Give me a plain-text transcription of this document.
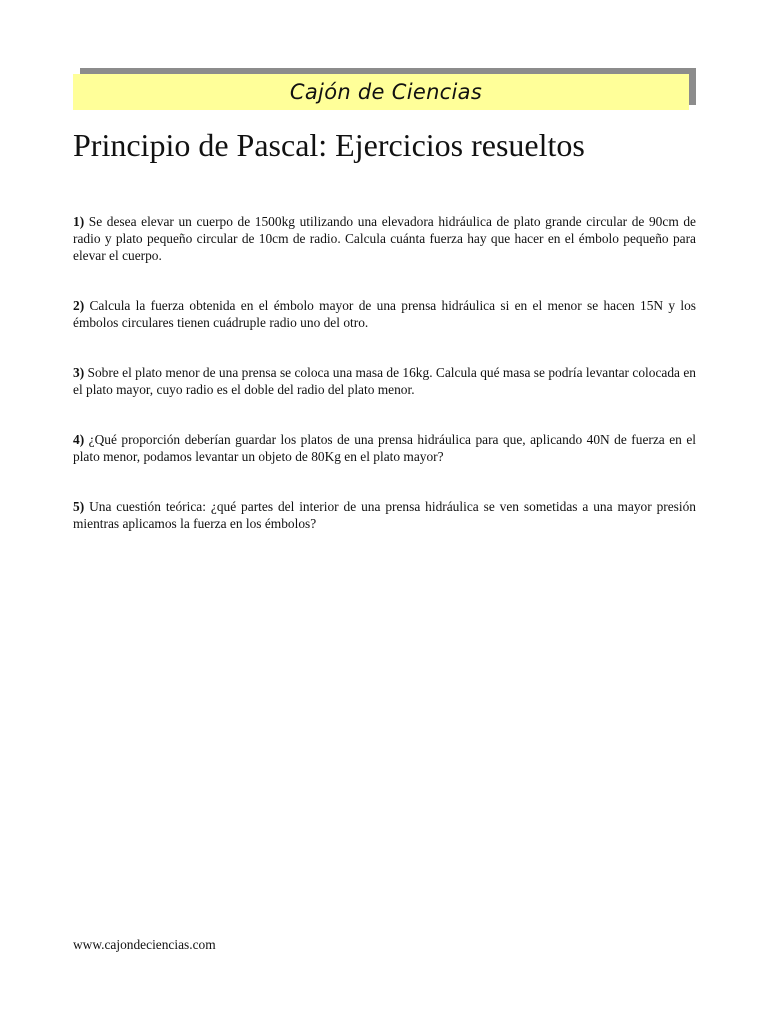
Cajón de Ciencias
Principio de Pascal: Ejercicios resueltos

1) Se desea elevar un cuerpo de 1500kg utilizando una elevadora hidráulica de plato grande circular de 90cm de radio y plato pequeño circular de 10cm de radio. Calcula cuánta fuerza hay que hacer en el émbolo pequeño para elevar el cuerpo.

2) Calcula la fuerza obtenida en el émbolo mayor de una prensa hidráulica si en el menor se hacen 15N y los émbolos circulares tienen cuádruple radio uno del otro.

3) Sobre el plato menor de una prensa se coloca una masa de 16kg. Calcula qué masa se podría levantar colocada en el plato mayor, cuyo radio es el doble del radio del plato menor.

4) ¿Qué proporción deberían guardar los platos de una prensa hidráulica para que, aplicando 40N de fuerza en el plato menor, podamos levantar un objeto de 80Kg en el plato mayor?

5) Una cuestión teórica: ¿qué partes del interior de una prensa hidráulica se ven sometidas a una mayor presión mientras aplicamos la fuerza en los émbolos?

www.cajondeciencias.com
